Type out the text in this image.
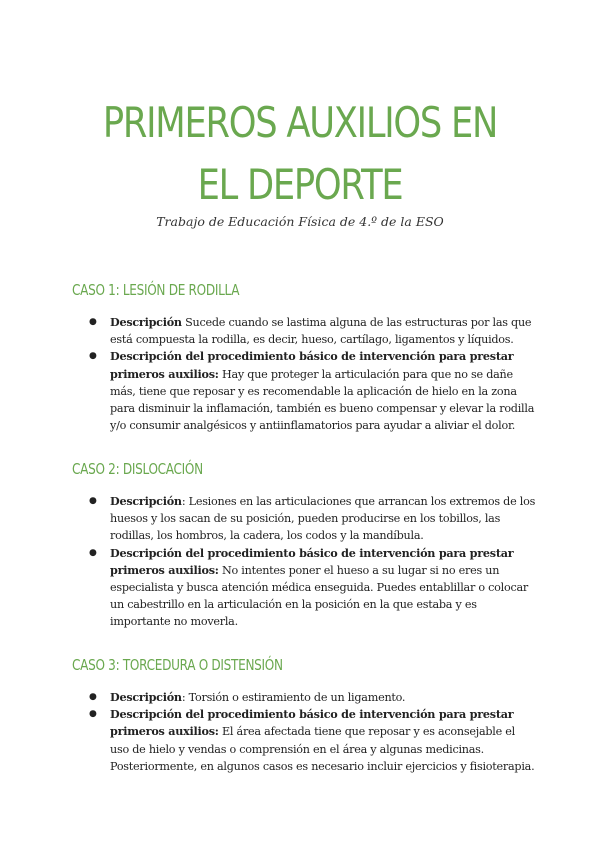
PRIMEROS AUXILIOS EN EL DEPORTE
Trabajo de Educación Física de 4.º de la ESO
CASO 1: LESIÓN DE RODILLA
● Descripción Sucede cuando se lastima alguna de las estructuras por las que está compuesta la rodilla, es decir, hueso, cartílago, ligamentos y líquidos.
● Descripción del procedimiento básico de intervención para prestar primeros auxilios: Hay que proteger la articulación para que no se dañe más, tiene que reposar y es recomendable la aplicación de hielo en la zona para disminuir la inflamación, también es bueno compensar y elevar la rodilla y/o consumir analgésicos y antiinflamatorios para ayudar a aliviar el dolor.
CASO 2: DISLOCACIÓN
● Descripción: Lesiones en las articulaciones que arrancan los extremos de los huesos y los sacan de su posición, pueden producirse en los tobillos, las rodillas, los hombros, la cadera, los codos y la mandíbula.
● Descripción del procedimiento básico de intervención para prestar primeros auxilios: No intentes poner el hueso a su lugar si no eres un especialista y busca atención médica enseguida. Puedes entablillar o colocar un cabestrillo en la articulación en la posición en la que estaba y es importante no moverla.
CASO 3: TORCEDURA O DISTENSIÓN
● Descripción: Torsión o estiramiento de un ligamento.
● Descripción del procedimiento básico de intervención para prestar primeros auxilios: El área afectada tiene que reposar y es aconsejable el uso de hielo y vendas o comprensión en el área y algunas medicinas. Posteriormente, en algunos casos es necesario incluir ejercicios y fisioterapia.
